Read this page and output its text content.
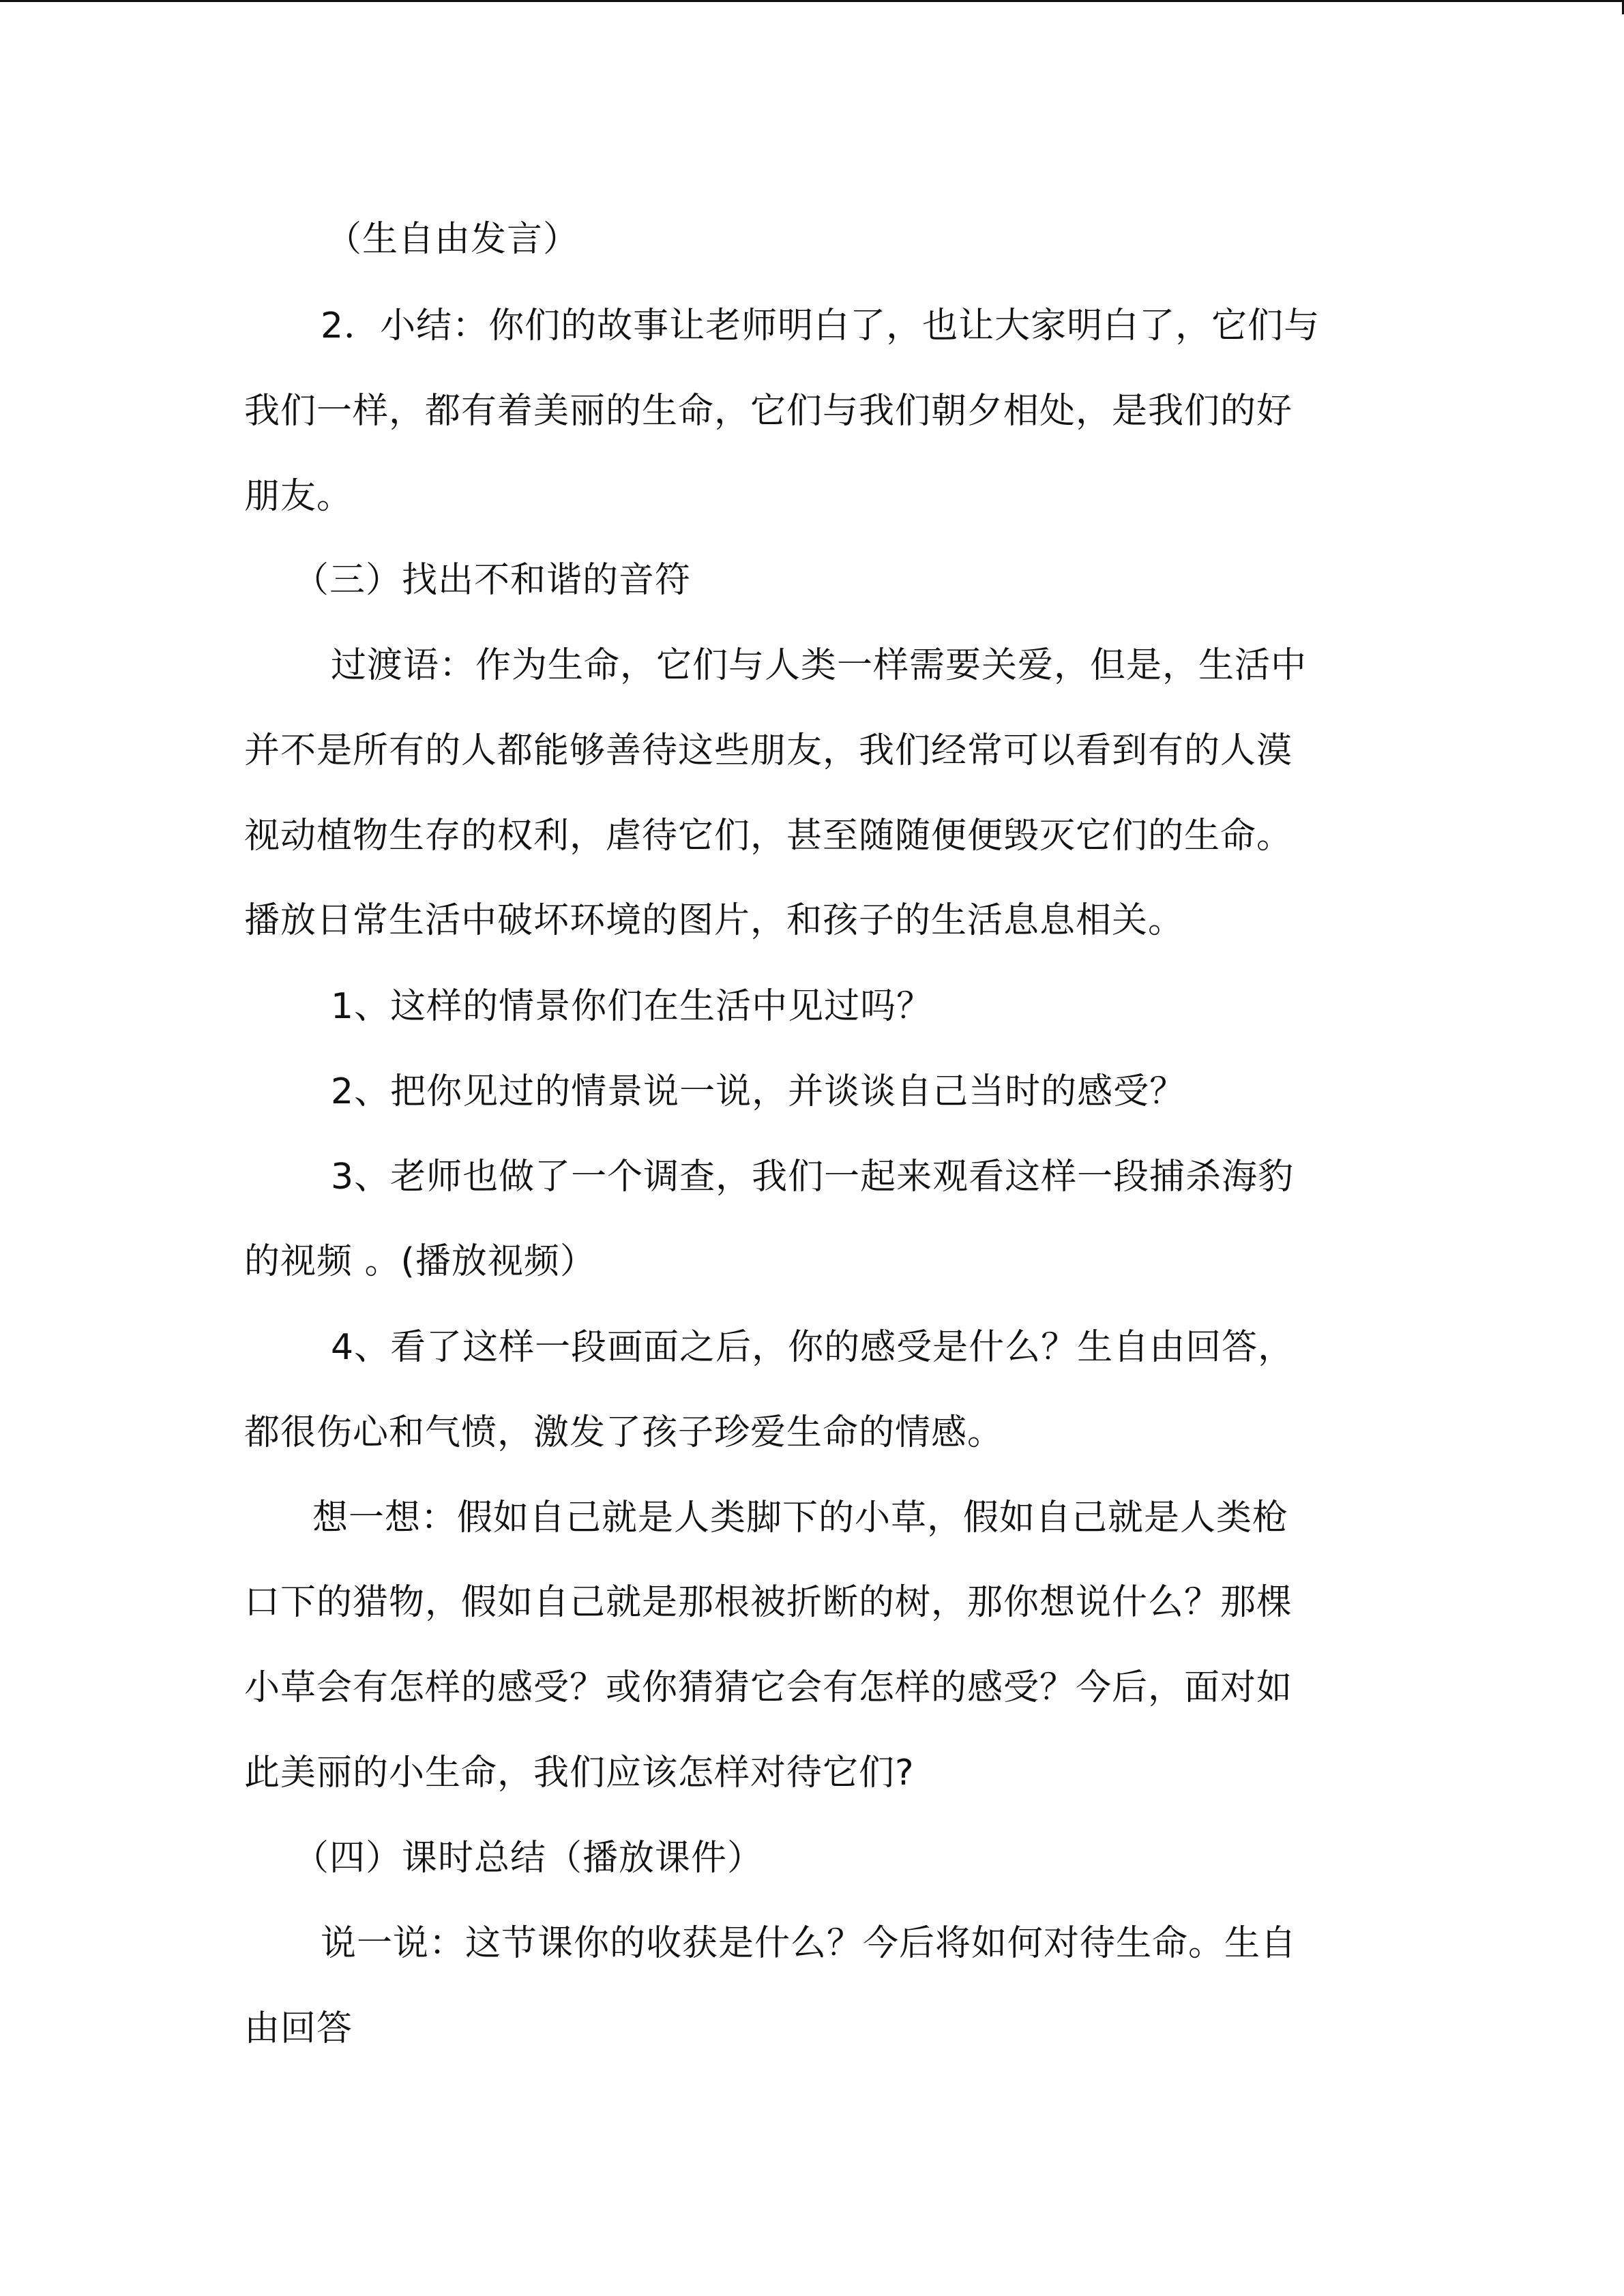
（生自由发言）
2．小结：你们的故事让老师明白了，也让大家明白了，它们与
我们一样，都有着美丽的生命，它们与我们朝夕相处，是我们的好
朋友。
（三）找出不和谐的音符
过渡语：作为生命，它们与人类一样需要关爱，但是，生活中
并不是所有的人都能够善待这些朋友，我们经常可以看到有的人漠
视动植物生存的权利，虐待它们，甚至随随便便毁灭它们的生命。
播放日常生活中破坏环境的图片，和孩子的生活息息相关。
1、这样的情景你们在生活中见过吗？
2、把你见过的情景说一说，并谈谈自己当时的感受？
3、老师也做了一个调查，我们一起来观看这样一段捕杀海豹
的视频 。(播放视频）
4、看了这样一段画面之后，你的感受是什么？生自由回答，
都很伤心和气愤，激发了孩子珍爱生命的情感。
想一想：假如自己就是人类脚下的小草，假如自己就是人类枪
口下的猎物，假如自己就是那根被折断的树，那你想说什么？那棵
小草会有怎样的感受？或你猜猜它会有怎样的感受？今后，面对如
此美丽的小生命，我们应该怎样对待它们?
（四）课时总结（播放课件）
说一说：这节课你的收获是什么？今后将如何对待生命。生自
由回答
